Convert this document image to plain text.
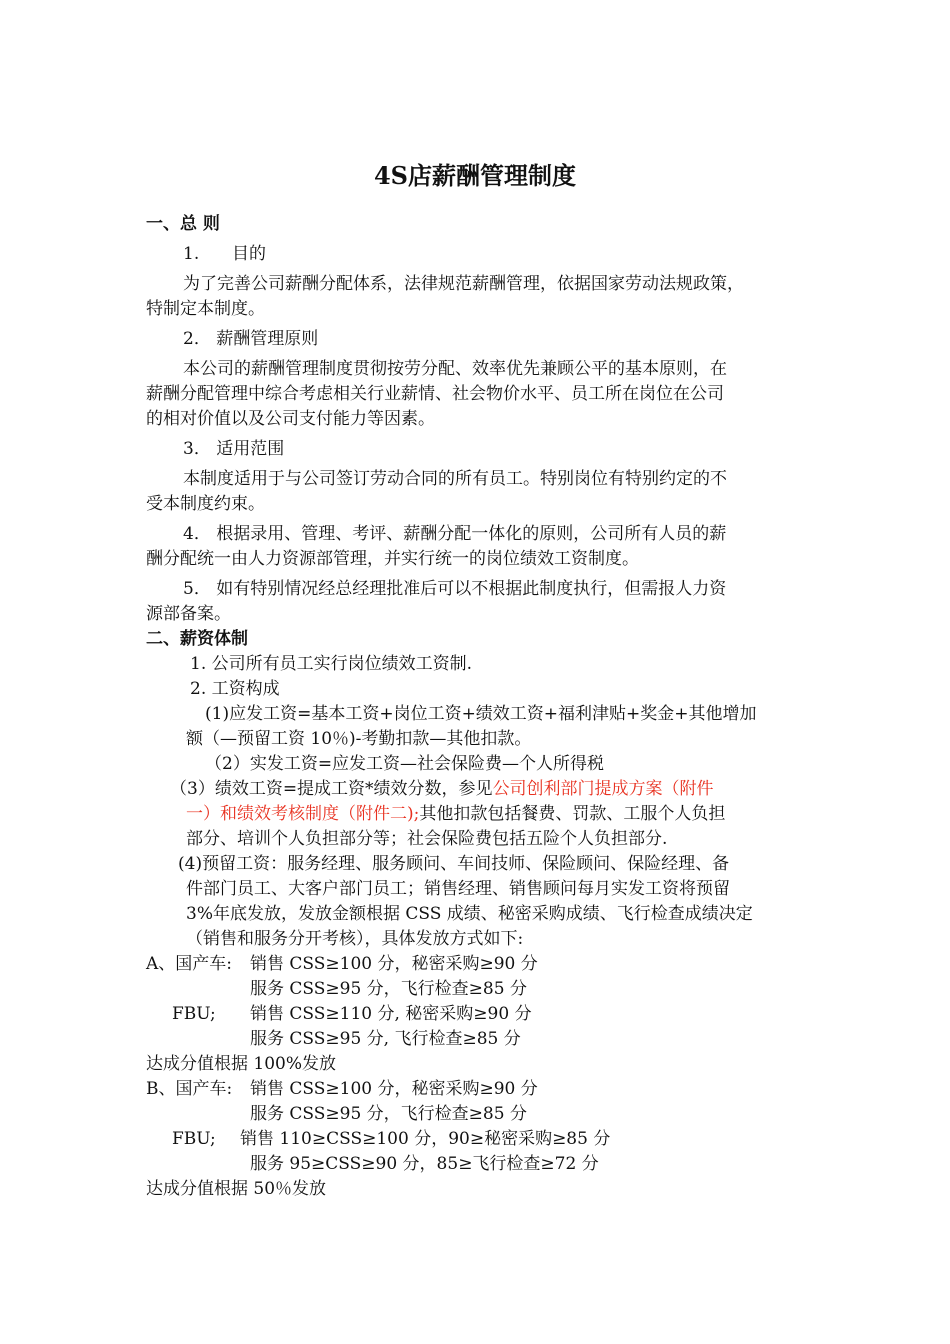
4S店薪酬管理制度
一、总 则
1. 目的
为了完善公司薪酬分配体系，法律规范薪酬管理，依据国家劳动法规政策，
特制定本制度。
2． 薪酬管理原则
本公司的薪酬管理制度贯彻按劳分配、效率优先兼顾公平的基本原则，在
薪酬分配管理中综合考虑相关行业薪情、社会物价水平、员工所在岗位在公司
的相对价值以及公司支付能力等因素。
3． 适用范围
本制度适用于与公司签订劳动合同的所有员工。特别岗位有特别约定的不
受本制度约束。
4． 根据录用、管理、考评、薪酬分配一体化的原则，公司所有人员的薪
酬分配统一由人力资源部管理，并实行统一的岗位绩效工资制度。
5． 如有特别情况经总经理批准后可以不根据此制度执行，但需报人力资
源部备案。
二、薪资体制
1. 公司所有员工实行岗位绩效工资制.
2. 工资构成
(1)应发工资=基本工资+岗位工资+绩效工资+福利津贴+奖金+其他增加
额（—预留工资 10％)-考勤扣款—其他扣款。
（2）实发工资=应发工资—社会保险费—个人所得税
（3）绩效工资=提成工资*绩效分数，参见公司创利部门提成方案（附件
一）和绩效考核制度（附件二);其他扣款包括餐费、罚款、工服个人负担
部分、培训个人负担部分等；社会保险费包括五险个人负担部分.
(4)预留工资：服务经理、服务顾问、车间技师、保险顾问、保险经理、备
件部门员工、大客户部门员工；销售经理、销售顾问每月实发工资将预留
3%年底发放，发放金额根据 CSS 成绩、秘密采购成绩、飞行检查成绩决定
（销售和服务分开考核），具体发放方式如下:
A、国产车: 销售 CSS≥100 分，秘密采购≥90 分
服务 CSS≥95 分，飞行检查≥85 分
FBU; 销售 CSS≥110 分, 秘密采购≥90 分
服务 CSS≥95 分, 飞行检查≥85 分
达成分值根据 100%发放
B、国产车: 销售 CSS≥100 分，秘密采购≥90 分
服务 CSS≥95 分，飞行检查≥85 分
FBU; 销售 110≥CSS≥100 分，90≥秘密采购≥85 分
服务 95≥CSS≥90 分，85≥飞行检查≥72 分
达成分值根据 50％发放
